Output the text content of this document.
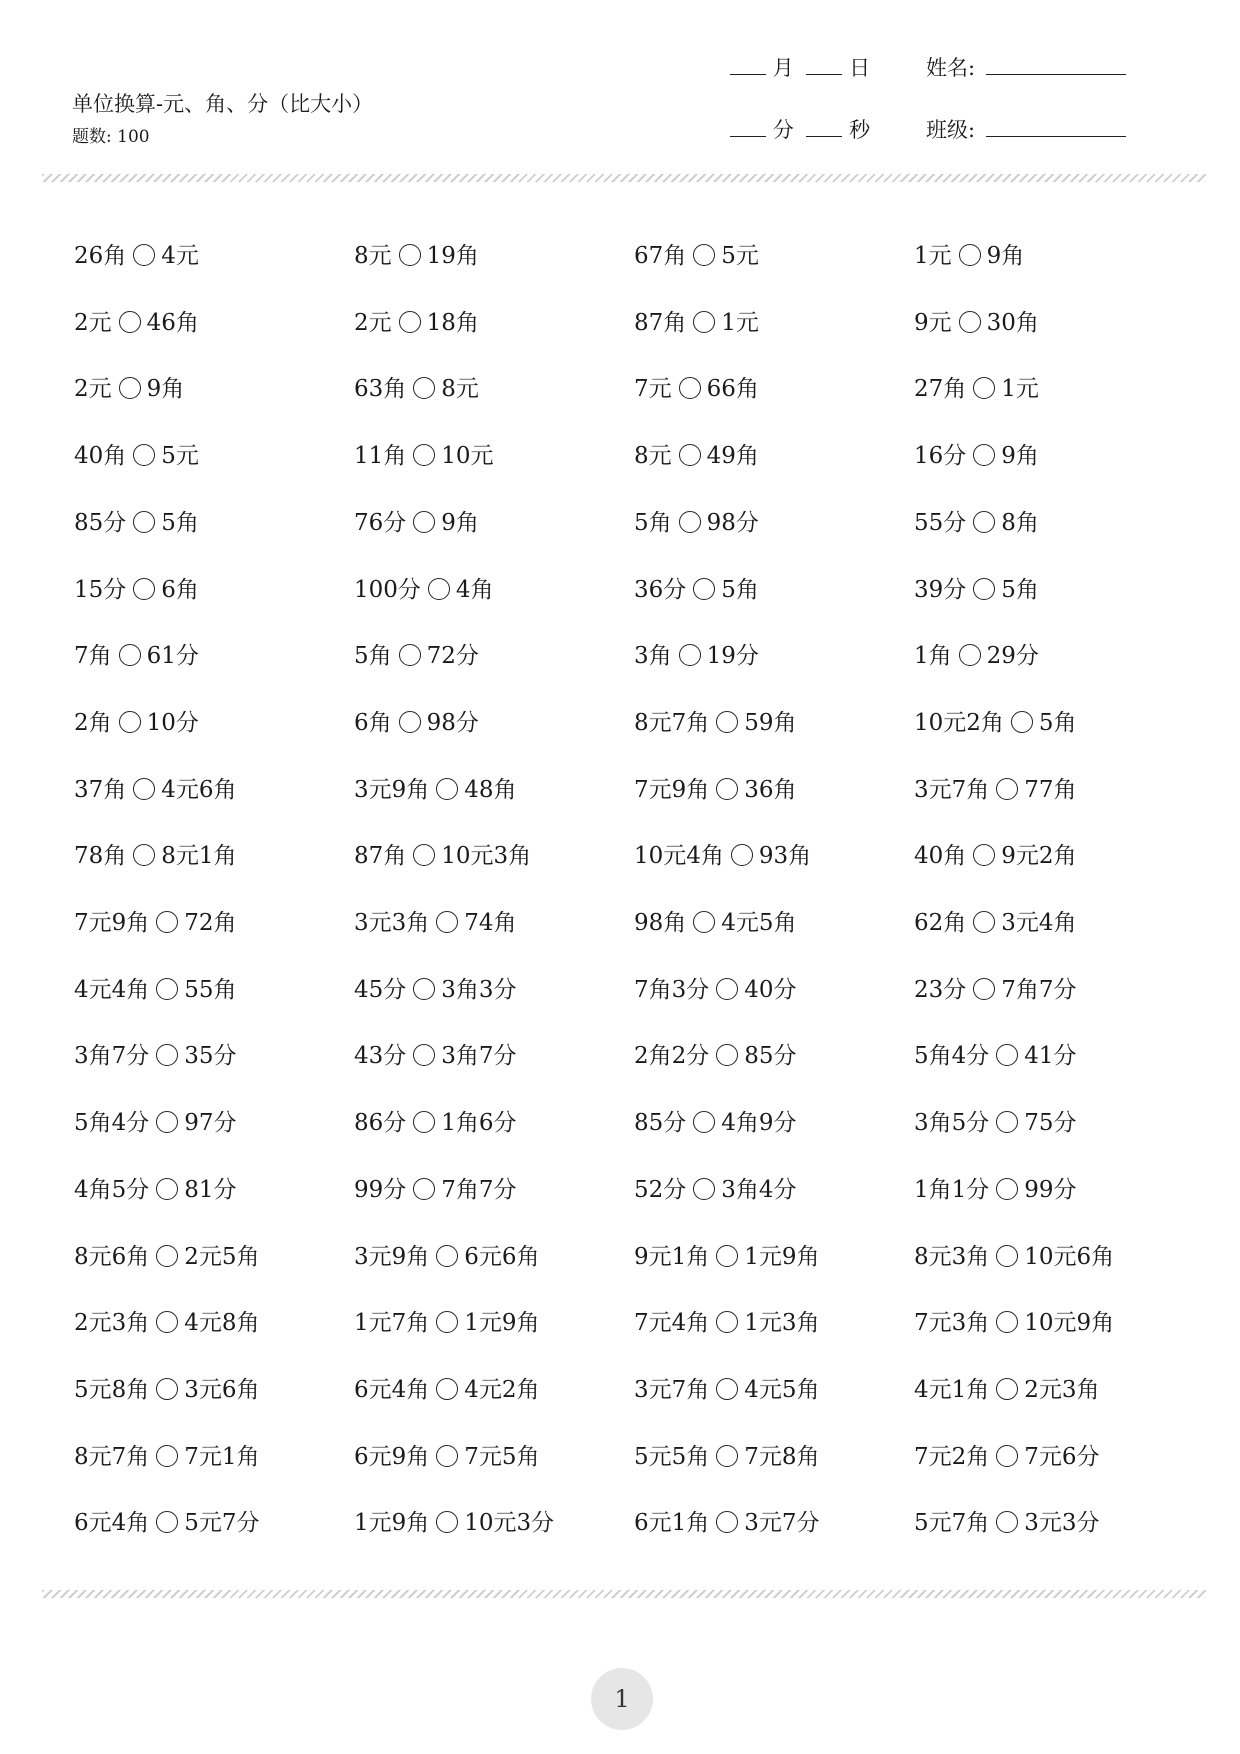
单位换算-元、角、分（比大小）
题数: 100
月	日
分	秒
姓名:
班级:
26角 4元	8元 19角	67角 5元	1元 9角
2元 46角	2元 18角	87角 1元	9元 30角
2元 9角	63角 8元	7元 66角	27角 1元
40角 5元	11角 10元	8元 49角	16分 9角
85分 5角	76分 9角	5角 98分	55分 8角
15分 6角	100分 4角	36分 5角	39分 5角
7角 61分	5角 72分	3角 19分	1角 29分
2角 10分	6角 98分	8元7角 59角	10元2角 5角
37角 4元6角	3元9角 48角	7元9角 36角	3元7角 77角
78角 8元1角	87角 10元3角	10元4角 93角	40角 9元2角
7元9角 72角	3元3角 74角	98角 4元5角	62角 3元4角
4元4角 55角	45分 3角3分	7角3分 40分	23分 7角7分
3角7分 35分	43分 3角7分	2角2分 85分	5角4分 41分
5角4分 97分	86分 1角6分	85分 4角9分	3角5分 75分
4角5分 81分	99分 7角7分	52分 3角4分	1角1分 99分
8元6角 2元5角	3元9角 6元6角	9元1角 1元9角	8元3角 10元6角
2元3角 4元8角	1元7角 1元9角	7元4角 1元3角	7元3角 10元9角
5元8角 3元6角	6元4角 4元2角	3元7角 4元5角	4元1角 2元3角
8元7角 7元1角	6元9角 7元5角	5元5角 7元8角	7元2角 7元6分
6元4角 5元7分	1元9角 10元3分	6元1角 3元7分	5元7角 3元3分
1
